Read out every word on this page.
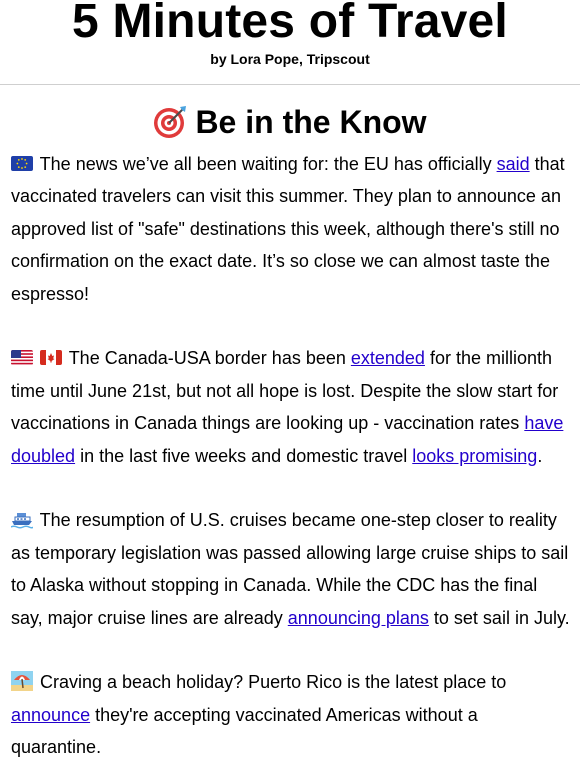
5 Minutes of Travel
by Lora Pope, Tripscout
Be in the Know

The news we’ve all been waiting for: the EU has officially said that vaccinated travelers can visit this summer. They plan to announce an approved list of "safe" destinations this week, although there's still no confirmation on the exact date. It’s so close we can almost taste the espresso!

The Canada-USA border has been extended for the millionth time until June 21st, but not all hope is lost. Despite the slow start for vaccinations in Canada things are looking up - vaccination rates have doubled in the last five weeks and domestic travel looks promising.

The resumption of U.S. cruises became one-step closer to reality as temporary legislation was passed allowing large cruise ships to sail to Alaska without stopping in Canada. While the CDC has the final say, major cruise lines are already announcing plans to set sail in July.

Craving a beach holiday? Puerto Rico is the latest place to announce they're accepting vaccinated Americas without a quarantine.
